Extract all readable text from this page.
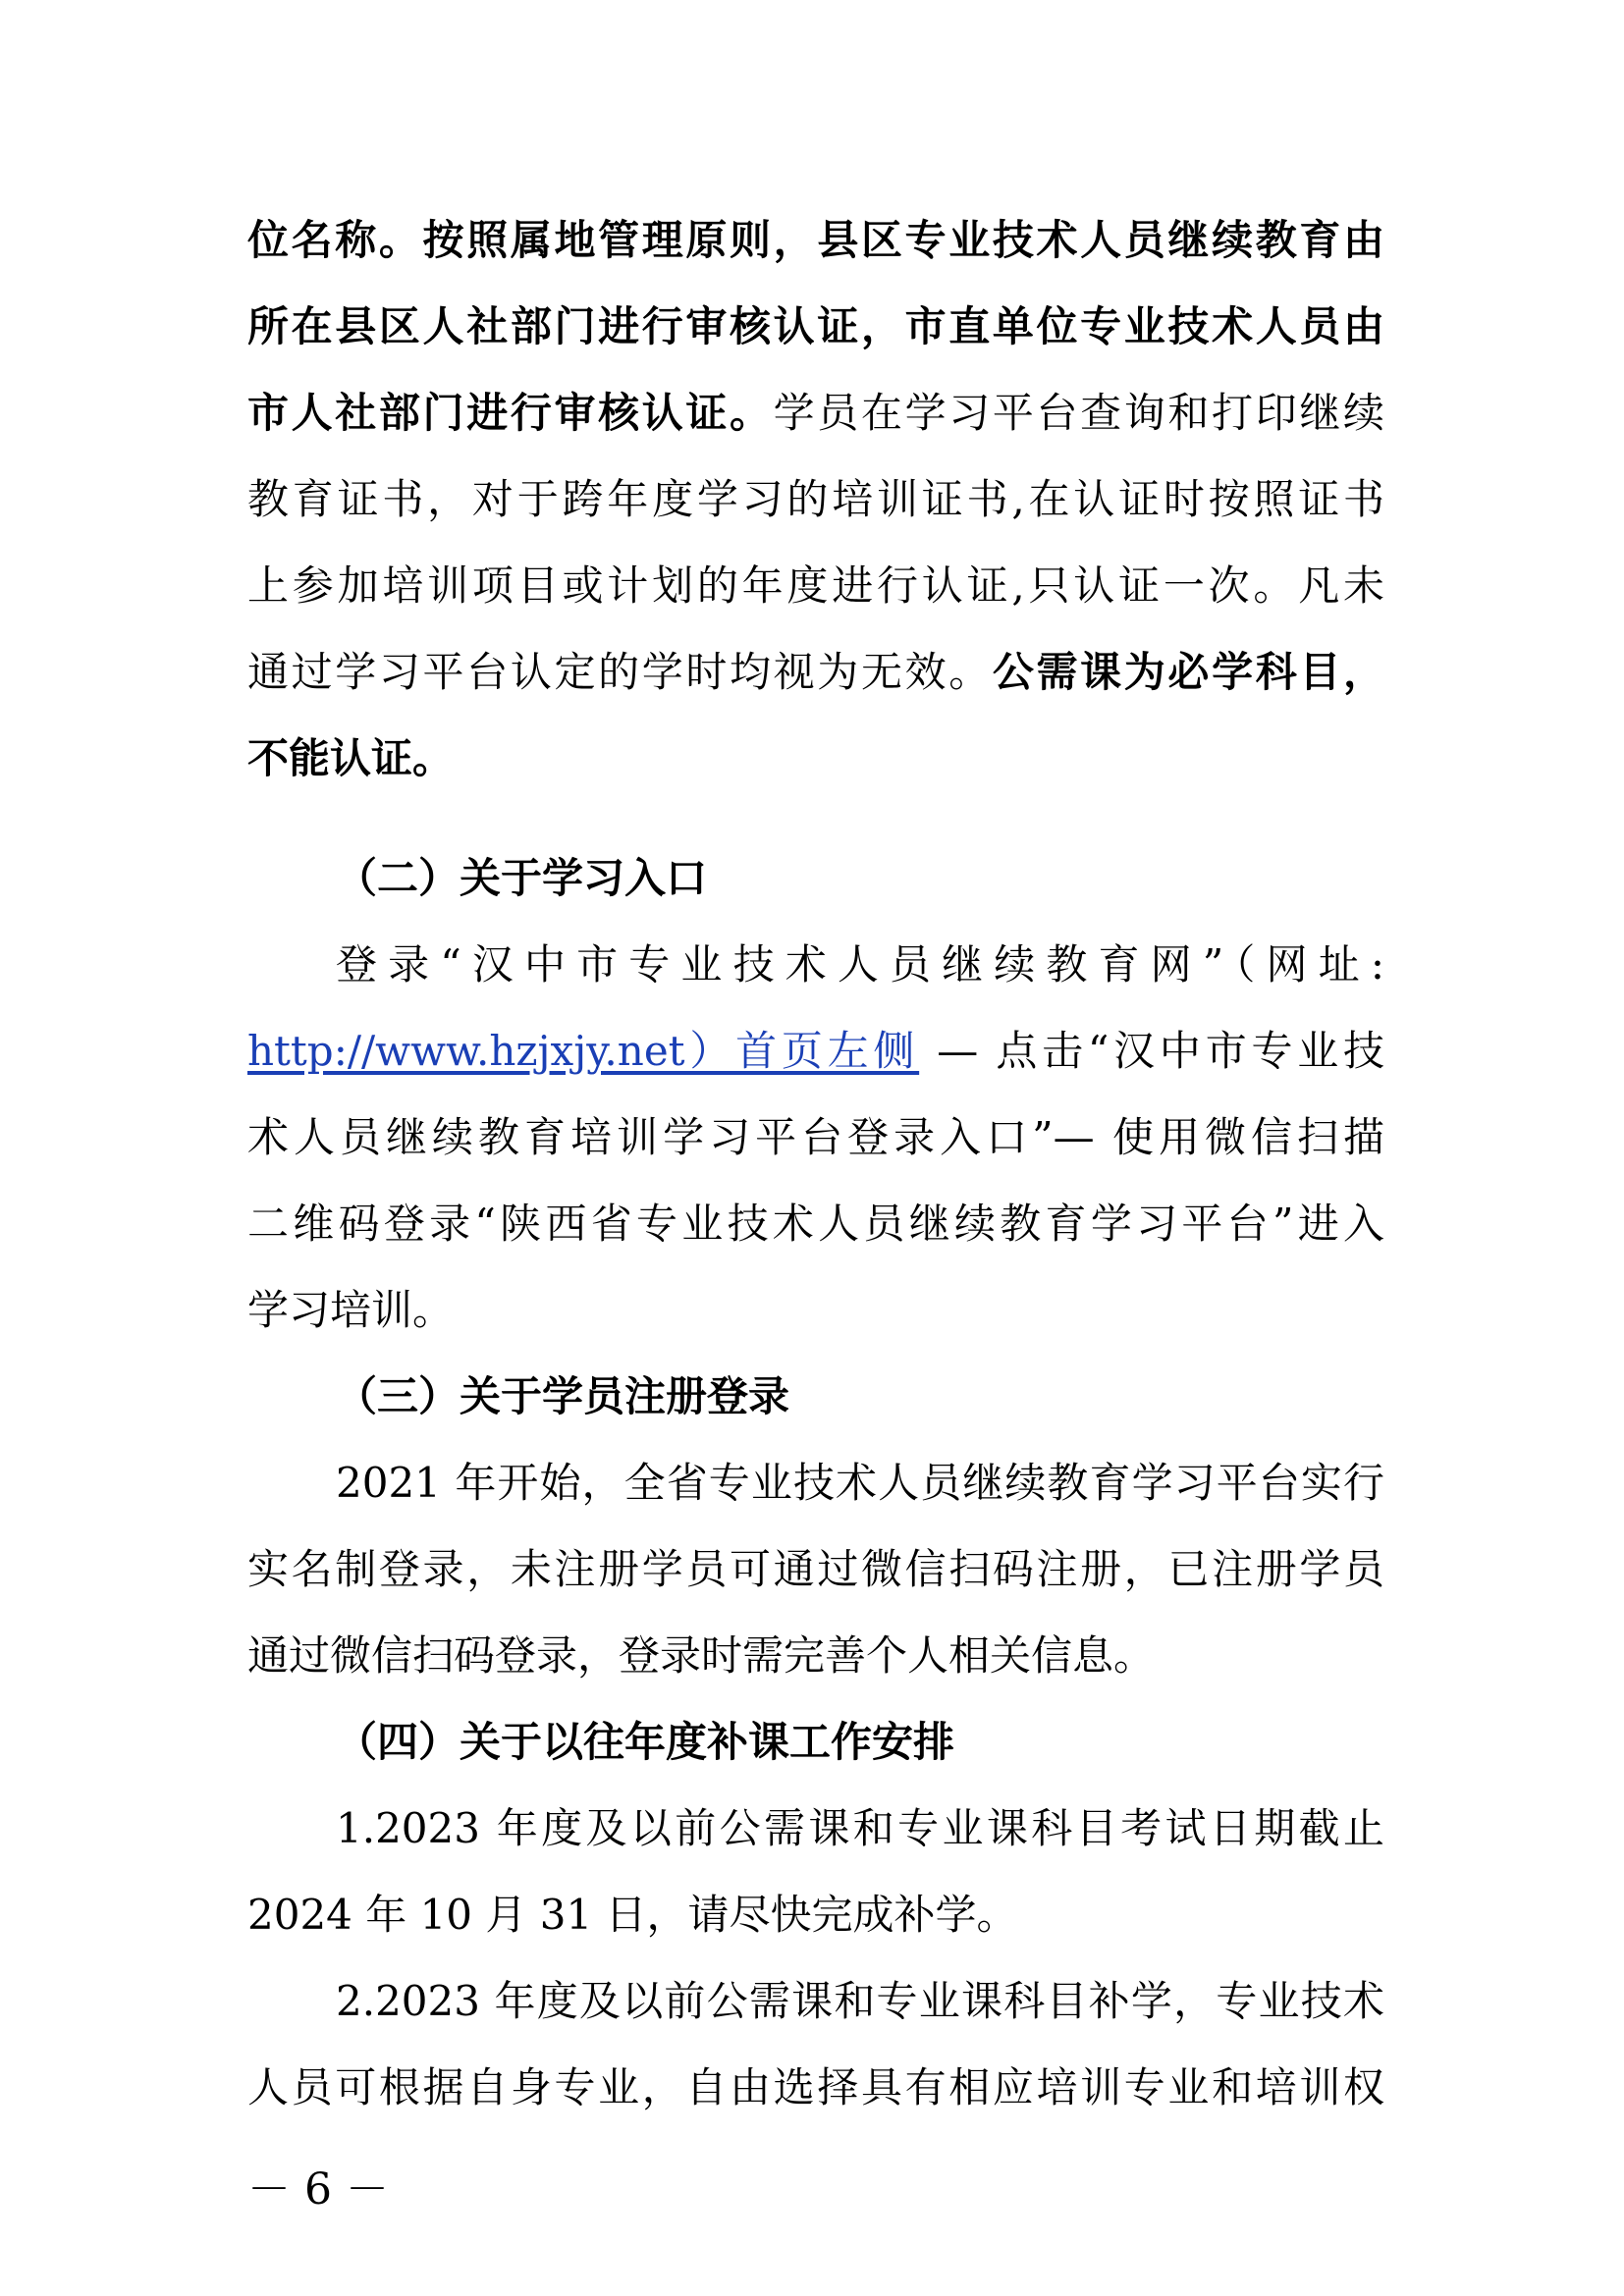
位名称。按照属地管理原则，县区专业技术人员继续教育由
所在县区人社部门进行审核认证，市直单位专业技术人员由
市人社部门进行审核认证。学员在学习平台查询和打印继续
教育证书，对于跨年度学习的培训证书,在认证时按照证书
上参加培训项目或计划的年度进行认证,只认证一次。凡未
通过学习平台认定的学时均视为无效。公需课为必学科目，
不能认证。
（二）关于学习入口
登录“汉中市专业技术人员继续教育网”（网址:
http://www.hzjxjy.net）首页左侧 — 点击“汉中市专业技
术人员继续教育培训学习平台登录入口”— 使用微信扫描
二维码登录“陕西省专业技术人员继续教育学习平台”进入
学习培训。
（三）关于学员注册登录
2021 年开始，全省专业技术人员继续教育学习平台实行
实名制登录，未注册学员可通过微信扫码注册，已注册学员
通过微信扫码登录，登录时需完善个人相关信息。
（四）关于以往年度补课工作安排
1.2023 年度及以前公需课和专业课科目考试日期截止
2024 年 10 月 31 日，请尽快完成补学。
2.2023 年度及以前公需课和专业课科目补学，专业技术
人员可根据自身专业，自由选择具有相应培训专业和培训权
－ 6 －
